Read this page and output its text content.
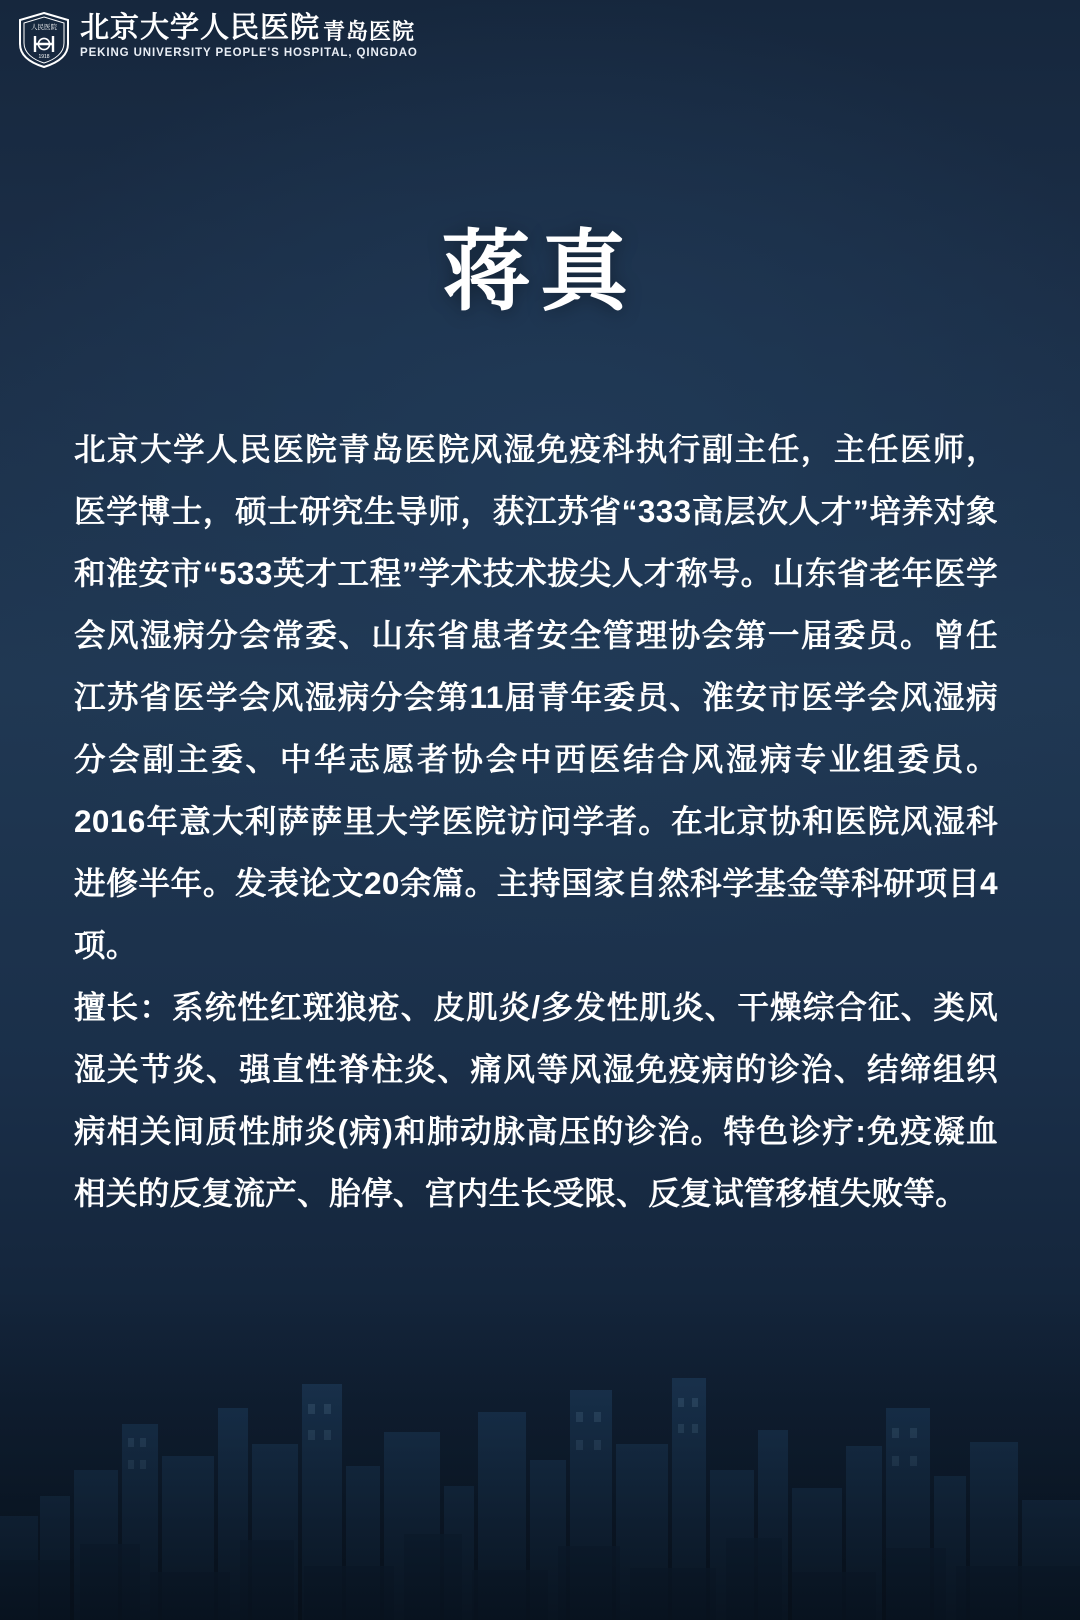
人民医院
1918
北京大学人民医院 青岛医院
PEKING UNIVERSITY PEOPLE'S HOSPITAL, QINGDAO
蒋真

北京大学人民医院青岛医院风湿免疫科执行副主任，主任医师，医学博士，硕士研究生导师，获江苏省“333高层次人才”培养对象和淮安市“533英才工程”学术技术拔尖人才称号。山东省老年医学会风湿病分会常委、山东省患者安全管理协会第一届委员。曾任江苏省医学会风湿病分会第11届青年委员、淮安市医学会风湿病分会副主委、中华志愿者协会中西医结合风湿病专业组委员。2016年意大利萨萨里大学医院访问学者。在北京协和医院风湿科进修半年。发表论文20余篇。主持国家自然科学基金等科研项目4项。

擅长：系统性红斑狼疮、皮肌炎/多发性肌炎、干燥综合征、类风湿关节炎、强直性脊柱炎、痛风等风湿免疫病的诊治、结缔组织病相关间质性肺炎(病)和肺动脉高压的诊治。特色诊疗:免疫凝血相关的反复流产、胎停、宫内生长受限、反复试管移植失败等。
